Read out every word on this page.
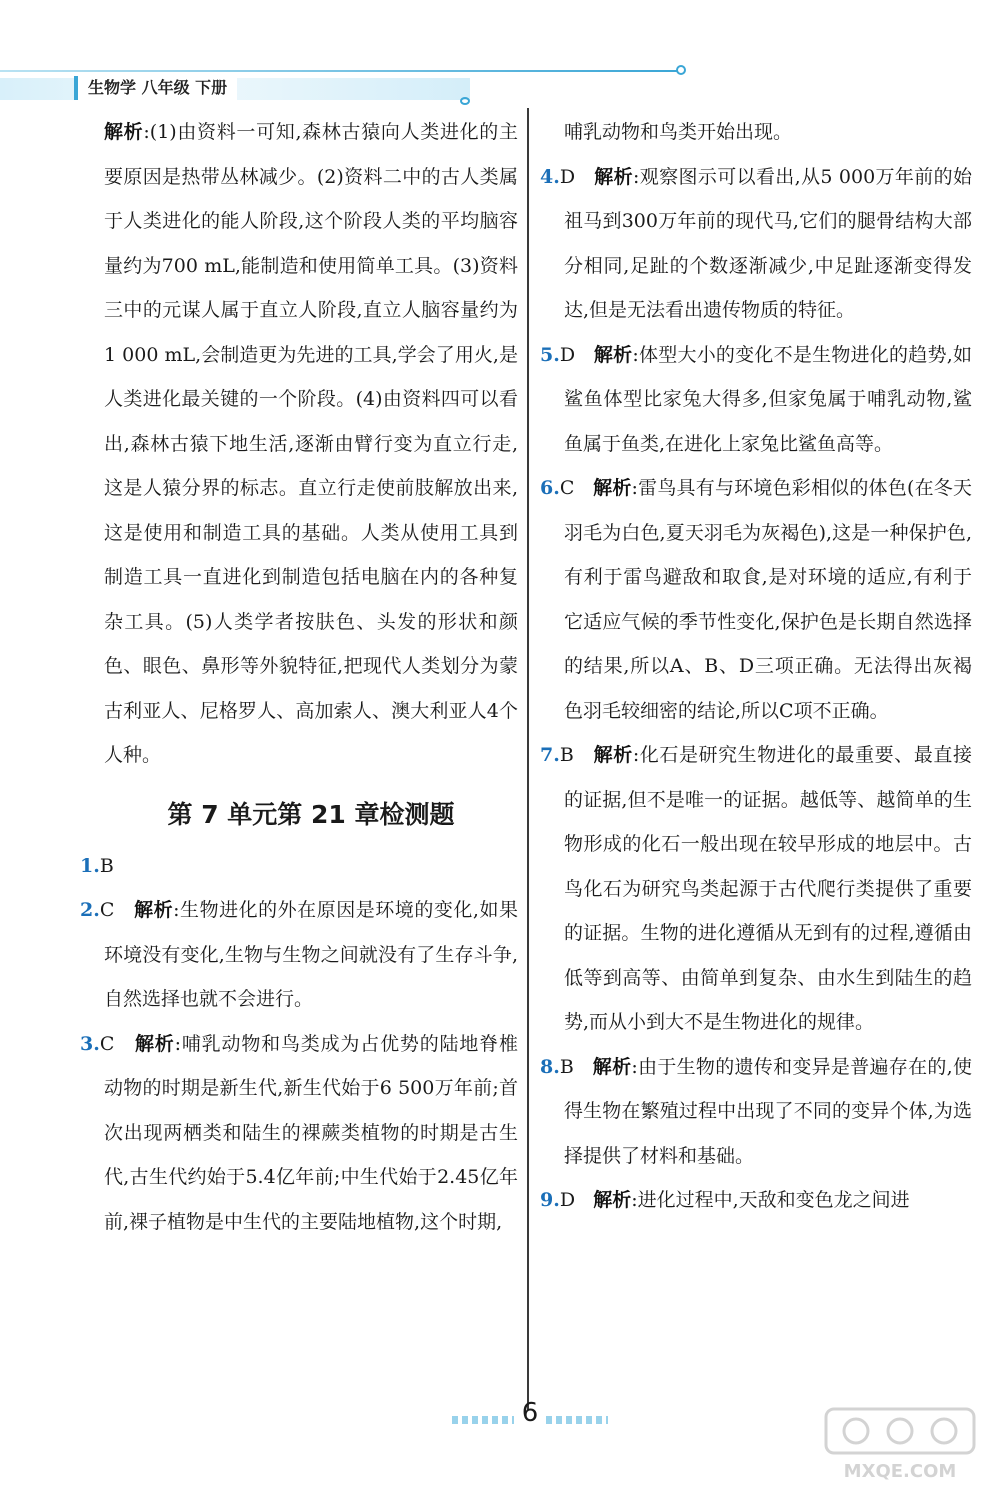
生物学 八年级 下册

解析:(1)由资料一可知,森林古猿向人类进化的主要原因是热带丛林减少。(2)资料二中的古人类属于人类进化的能人阶段,这个阶段人类的平均脑容量约为700 mL,能制造和使用简单工具。(3)资料三中的元谋人属于直立人阶段,直立人脑容量约为1 000 mL,会制造更为先进的工具,学会了用火,是人类进化最关键的一个阶段。(4)由资料四可以看出,森林古猿下地生活,逐渐由臂行变为直立行走,这是人猿分界的标志。直立行走使前肢解放出来,这是使用和制造工具的基础。人类从使用工具到制造工具一直进化到制造包括电脑在内的各种复杂工具。(5)人类学者按肤色、头发的形状和颜色、眼色、鼻形等外貌特征,把现代人类划分为蒙古利亚人、尼格罗人、高加索人、澳大利亚人4个人种。

第 7 单元第 21 章检测题

1.B

2.C 解析:生物进化的外在原因是环境的变化,如果环境没有变化,生物与生物之间就没有了生存斗争,自然选择也就不会进行。

3.C 解析:哺乳动物和鸟类成为占优势的陆地脊椎动物的时期是新生代,新生代始于6 500万年前;首次出现两栖类和陆生的裸蕨类植物的时期是古生代,古生代约始于5.4亿年前;中生代始于2.45亿年前,裸子植物是中生代的主要陆地植物,这个时期,

哺乳动物和鸟类开始出现。

4.D 解析:观察图示可以看出,从5 000万年前的始祖马到300万年前的现代马,它们的腿骨结构大部分相同,足趾的个数逐渐减少,中足趾逐渐变得发达,但是无法看出遗传物质的特征。

5.D 解析:体型大小的变化不是生物进化的趋势,如鲨鱼体型比家兔大得多,但家兔属于哺乳动物,鲨鱼属于鱼类,在进化上家兔比鲨鱼高等。

6.C 解析:雷鸟具有与环境色彩相似的体色(在冬天羽毛为白色,夏天羽毛为灰褐色),这是一种保护色,有利于雷鸟避敌和取食,是对环境的适应,有利于它适应气候的季节性变化,保护色是长期自然选择的结果,所以A、B、D三项正确。无法得出灰褐色羽毛较细密的结论,所以C项不正确。

7.B 解析:化石是研究生物进化的最重要、最直接的证据,但不是唯一的证据。越低等、越简单的生物形成的化石一般出现在较早形成的地层中。古鸟化石为研究鸟类起源于古代爬行类提供了重要的证据。生物的进化遵循从无到有的过程,遵循由低等到高等、由简单到复杂、由水生到陆生的趋势,而从小到大不是生物进化的规律。

8.B 解析:由于生物的遗传和变异是普遍存在的,使得生物在繁殖过程中出现了不同的变异个体,为选择提供了材料和基础。

9.D 解析:进化过程中,天敌和变色龙之间进

6
MXQE.COM
